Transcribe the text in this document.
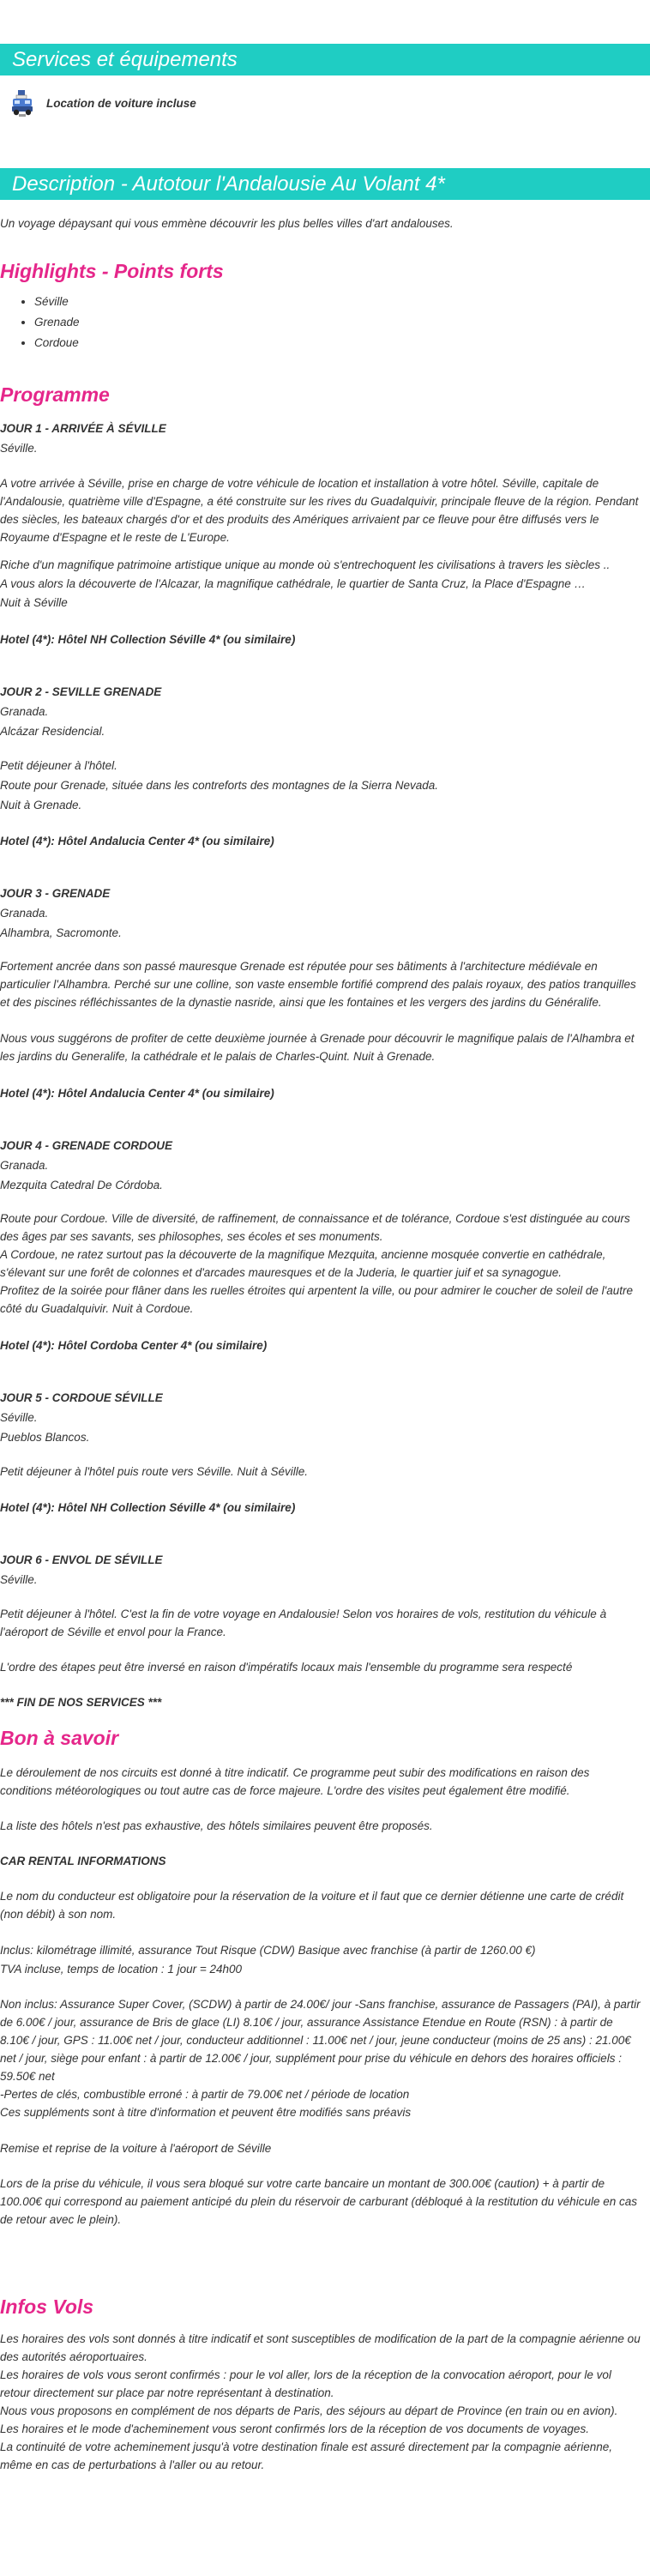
Services et équipements

Location de voiture incluse

Description - Autotour l'Andalousie Au Volant 4*

Un voyage dépaysant qui vous emmène découvrir les plus belles villes d'art andalouses.

Highlights - Points forts
• Séville
• Grenade
• Cordoue
Programme

JOUR 1 - ARRIVÉE À SÉVILLE

Séville.

A votre arrivée à Séville, prise en charge de votre véhicule de location et installation à votre hôtel. Séville, capitale de l'Andalousie, quatrième ville d'Espagne, a été construite sur les rives du Guadalquivir, principale fleuve de la région. Pendant des siècles, les bateaux chargés d'or et des produits des Amériques arrivaient par ce fleuve pour être diffusés vers le Royaume d'Espagne et le reste de L'Europe.

Riche d'un magnifique patrimoine artistique unique au monde où s'entrechoquent les civilisations à travers les siècles ..

A vous alors la découverte de l'Alcazar, la magnifique cathédrale, le quartier de Santa Cruz, la Place d'Espagne …

Nuit à Séville

Hotel (4*): Hôtel NH Collection Séville 4* (ou similaire)

JOUR 2 - SEVILLE GRENADE

Granada.

Alcázar Residencial.

Petit déjeuner à l'hôtel.

Route pour Grenade, située dans les contreforts des montagnes de la Sierra Nevada.

Nuit à Grenade.

Hotel (4*): Hôtel Andalucia Center 4* (ou similaire)

JOUR 3 - GRENADE

Granada.

Alhambra, Sacromonte.

Fortement ancrée dans son passé mauresque Grenade est réputée pour ses bâtiments à l'architecture médiévale en particulier l'Alhambra. Perché sur une colline, son vaste ensemble fortifié comprend des palais royaux, des patios tranquilles et des piscines réfléchissantes de la dynastie nasride, ainsi que les fontaines et les vergers des jardins du Généralife.

Nous vous suggérons de profiter de cette deuxième journée à Grenade pour découvrir le magnifique palais de l'Alhambra et les jardins du Generalife, la cathédrale et le palais de Charles-Quint. Nuit à Grenade.

Hotel (4*): Hôtel Andalucia Center 4* (ou similaire)

JOUR 4 - GRENADE CORDOUE

Granada.

Mezquita Catedral De Córdoba.

Route pour Cordoue. Ville de diversité, de raffinement, de connaissance et de tolérance, Cordoue s'est distinguée au cours des âges par ses savants, ses philosophes, ses écoles et ses monuments.

A Cordoue, ne ratez surtout pas la découverte de la magnifique Mezquita, ancienne mosquée convertie en cathédrale, s'élevant sur une forêt de colonnes et d'arcades mauresques et de la Juderia, le quartier juif et sa synagogue.

Profitez de la soirée pour flâner dans les ruelles étroites qui arpentent la ville, ou pour admirer le coucher de soleil de l'autre côté du Guadalquivir. Nuit à Cordoue.

Hotel (4*): Hôtel Cordoba Center 4* (ou similaire)

JOUR 5 - CORDOUE SÉVILLE

Séville.

Pueblos Blancos.

Petit déjeuner à l'hôtel puis route vers Séville. Nuit à Séville.

Hotel (4*): Hôtel NH Collection Séville 4* (ou similaire)

JOUR 6 - ENVOL DE SÉVILLE

Séville.

Petit déjeuner à l'hôtel. C'est la fin de votre voyage en Andalousie! Selon vos horaires de vols, restitution du véhicule à l'aéroport de Séville et envol pour la France.

L'ordre des étapes peut être inversé en raison d'impératifs locaux mais l'ensemble du programme sera respecté

*** FIN DE NOS SERVICES ***

Bon à savoir

Le déroulement de nos circuits est donné à titre indicatif. Ce programme peut subir des modifications en raison des conditions météorologiques ou tout autre cas de force majeure. L'ordre des visites peut également être modifié.

La liste des hôtels n'est pas exhaustive, des hôtels similaires peuvent être proposés.

CAR RENTAL INFORMATIONS

Le nom du conducteur est obligatoire pour la réservation de la voiture et il faut que ce dernier détienne une carte de crédit (non débit) à son nom.

Inclus: kilométrage illimité, assurance Tout Risque (CDW) Basique avec franchise (à partir de 1260.00 €)

TVA incluse, temps de location : 1 jour = 24h00

Non inclus: Assurance Super Cover, (SCDW) à partir de 24.00€/ jour -Sans franchise, assurance de Passagers (PAI), à partir de 6.00€ / jour, assurance de Bris de glace (LI) 8.10€ / jour, assurance Assistance Etendue en Route (RSN) : à partir de 8.10€ / jour, GPS : 11.00€ net / jour, conducteur additionnel : 11.00€ net / jour, jeune conducteur (moins de 25 ans) : 21.00€ net / jour, siège pour enfant : à partir de 12.00€ / jour, supplément pour prise du véhicule en dehors des horaires officiels : 59.50€ net

-Pertes de clés, combustible erroné : à partir de 79.00€ net / période de location

Ces suppléments sont à titre d'information et peuvent être modifiés sans préavis

Remise et reprise de la voiture à l'aéroport de Séville

Lors de la prise du véhicule, il vous sera bloqué sur votre carte bancaire un montant de 300.00€ (caution) + à partir de 100.00€ qui correspond au paiement anticipé du plein du réservoir de carburant (débloqué à la restitution du véhicule en cas de retour avec le plein).

Infos Vols

Les horaires des vols sont donnés à titre indicatif et sont susceptibles de modification de la part de la compagnie aérienne ou des autorités aéroportuaires.

Les horaires de vols vous seront confirmés : pour le vol aller, lors de la réception de la convocation aéroport, pour le vol retour directement sur place par notre représentant à destination.

Nous vous proposons en complément de nos départs de Paris, des séjours au départ de Province (en train ou en avion).

Les horaires et le mode d'acheminement vous seront confirmés lors de la réception de vos documents de voyages.

La continuité de votre acheminement jusqu'à votre destination finale est assuré directement par la compagnie aérienne, même en cas de perturbations à l'aller ou au retour.
